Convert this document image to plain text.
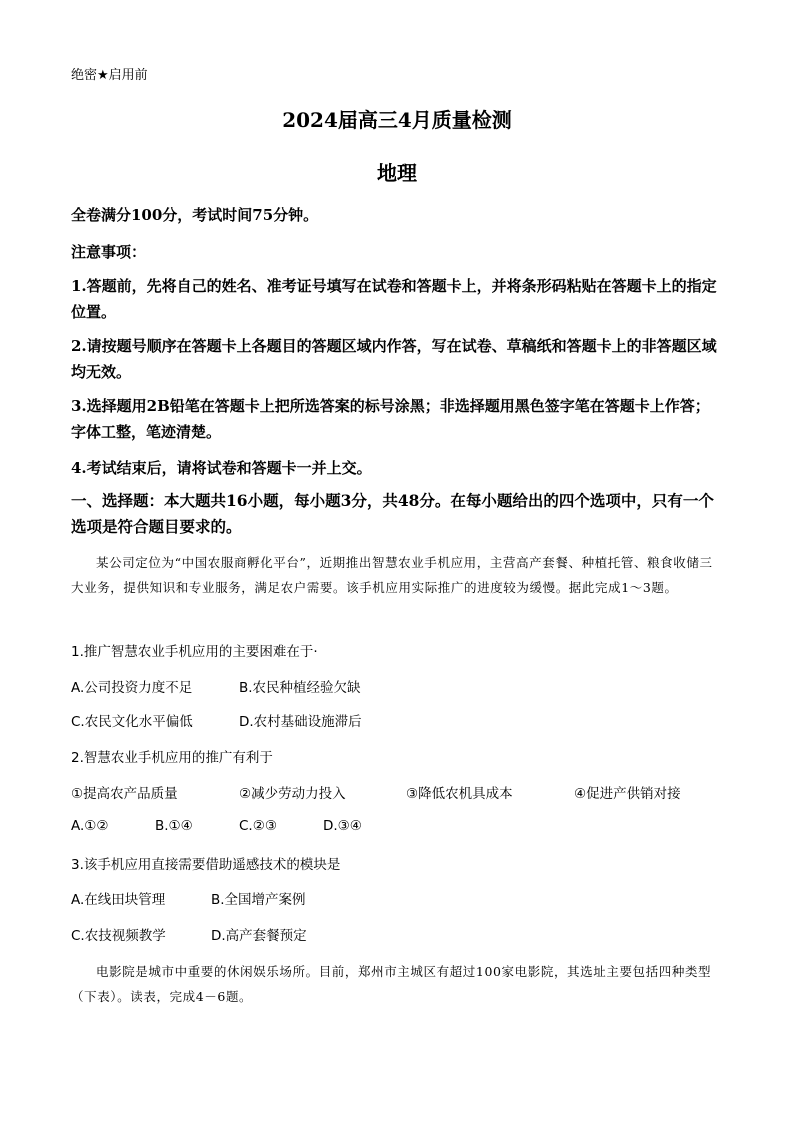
绝密★启用前
2024届高三4月质量检测
地理
全卷满分100分，考试时间75分钟。
注意事项：
1.答题前，先将自己的姓名、准考证号填写在试卷和答题卡上，并将条形码粘贴在答题卡上的指定位置。
2.请按题号顺序在答题卡上各题目的答题区域内作答，写在试卷、草稿纸和答题卡上的非答题区域均无效。
3.选择题用2B铅笔在答题卡上把所选答案的标号涂黑；非选择题用黑色签字笔在答题卡上作答；字体工整，笔迹清楚。
4.考试结束后，请将试卷和答题卡一并上交。
一、选择题：本大题共16小题，每小题3分，共48分。在每小题给出的四个选项中，只有一个选项是符合题目要求的。
某公司定位为“中国农服商孵化平台”，近期推出智慧农业手机应用，主营高产套餐、种植托管、粮食收储三大业务，提供知识和专业服务，满足农户需要。该手机应用实际推广的进度较为缓慢。据此完成1～3题。
1.推广智慧农业手机应用的主要困难在于·
A.公司投资力度不足	B.农民种植经验欠缺
C.农民文化水平偏低	D.农村基础设施滞后
2.智慧农业手机应用的推广有利于
①提高农产品质量	②减少劳动力投入	③降低农机具成本	④促进产供销对接
A.①②	B.①④	C.②③	D.③④
3.该手机应用直接需要借助遥感技术的模块是
A.在线田块管理	B.全国增产案例
C.农技视频教学	D.高产套餐预定
电影院是城市中重要的休闲娱乐场所。目前，郑州市主城区有超过100家电影院，其选址主要包括四种类型（下表）。读表，完成4－6题。
